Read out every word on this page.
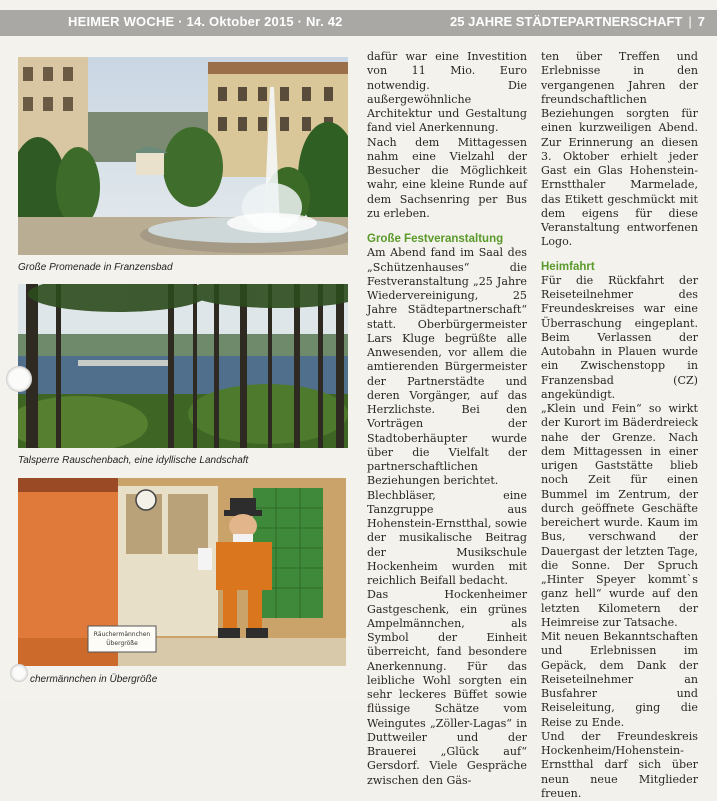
HEIMER WOCHE · 14. Oktober 2015 · Nr. 42	25 JAHRE STÄDTEPARTNERSCHAFT | 7
Große Promenade in Franzensbad
Talsperre Rauschenbach, eine idyllische Landschaft
Räuchermännchen
Übergröße
chermännchen in Übergröße

dafür war eine Investition von 11 Mio. Euro notwendig. Die außergewöhnliche Architektur und Gestaltung fand viel Anerkennung.

Nach dem Mittagessen nahm eine Vielzahl der Besucher die Möglichkeit wahr, eine kleine Runde auf dem Sachsenring per Bus zu erleben.

Große Festveranstaltung

Am Abend fand im Saal des „Schützenhauses“ die Festveranstaltung „25 Jahre Wiedervereinigung, 25 Jahre Städtepartnerschaft“ statt. Oberbürgermeister Lars Kluge begrüßte alle Anwesenden, vor allem die amtierenden Bürgermeister der Partnerstädte und deren Vorgänger, auf das Herzlichste. Bei den Vorträgen der Stadtoberhäupter wurde über die Vielfalt der partnerschaftlichen Beziehungen berichtet.

Blechbläser, eine Tanzgruppe aus Hohenstein-Ernstthal, sowie der musikalische Beitrag der Musikschule Hockenheim wurden mit reichlich Beifall bedacht.

Das Hockenheimer Gastgeschenk, ein grünes Ampelmännchen, als Symbol der Einheit überreicht, fand besondere Anerkennung. Für das leibliche Wohl sorgten ein sehr leckeres Büffet sowie flüssige Schätze vom Weingutes „Zöller-Lagas“ in Duttweiler und der Brauerei „Glück auf“ Gersdorf. Viele Gespräche zwischen den Gäs-

ten über Treffen und Erlebnisse in den vergangenen Jahren der freundschaftlichen Beziehungen sorgten für einen kurzweiligen Abend. Zur Erinnerung an diesen 3. Oktober erhielt jeder Gast ein Glas Hohenstein-Ernstthaler Marmelade, das Etikett geschmückt mit dem eigens für diese Veranstaltung entworfenen Logo.

Heimfahrt

Für die Rückfahrt der Reiseteilnehmer des Freundeskreises war eine Überraschung eingeplant. Beim Verlassen der Autobahn in Plauen wurde ein Zwischenstopp in Franzensbad (CZ) angekündigt.

„Klein und Fein“ so wirkt der Kurort im Bäderdreieck nahe der Grenze. Nach dem Mittagessen in einer urigen Gaststätte blieb noch Zeit für einen Bummel im Zentrum, der durch geöffnete Geschäfte bereichert wurde. Kaum im Bus, verschwand der Dauergast der letzten Tage, die Sonne. Der Spruch „Hinter Speyer kommt`s ganz hell“ wurde auf den letzten Kilometern der Heimreise zur Tatsache.

Mit neuen Bekanntschaften und Erlebnissen im Gepäck, dem Dank der Reiseteilnehmer an Busfahrer und Reiseleitung, ging die Reise zu Ende.

Und der Freundeskreis Hockenheim/Hohenstein-Ernstthal darf sich über neun neue Mitglieder freuen.
